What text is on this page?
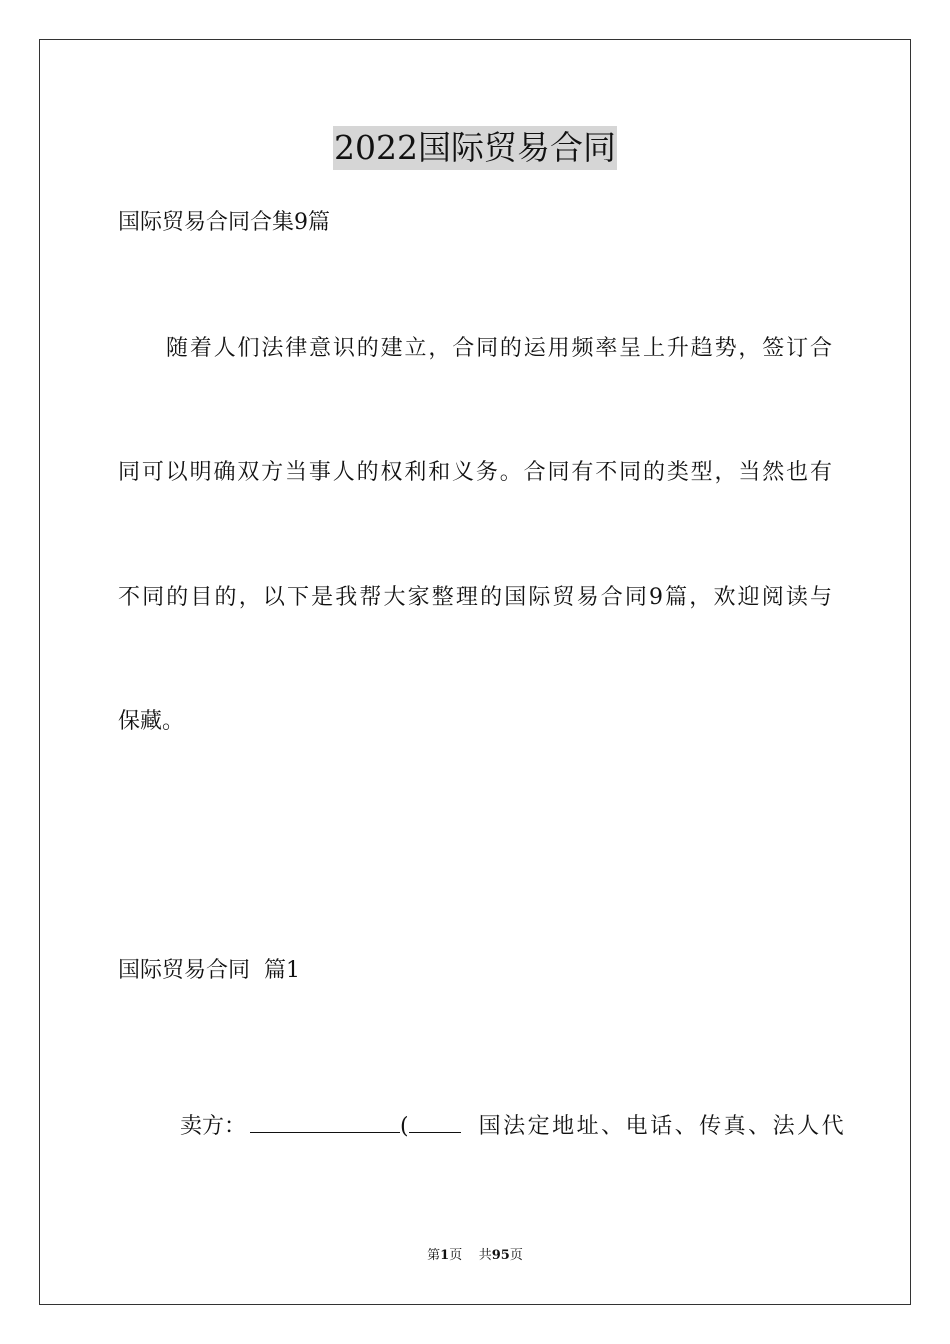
2022国际贸易合同
国际贸易合同合集9篇
随着人们法律意识的建立，合同的运用频率呈上升趋势，签订合
同可以明确双方当事人的权利和义务。合同有不同的类型，当然也有
不同的目的，以下是我帮大家整理的国际贸易合同9篇，欢迎阅读与
保藏。
国际贸易合同  篇1

卖方：	(	国法定地址、电话、传真、法人代

第1页 共95页
